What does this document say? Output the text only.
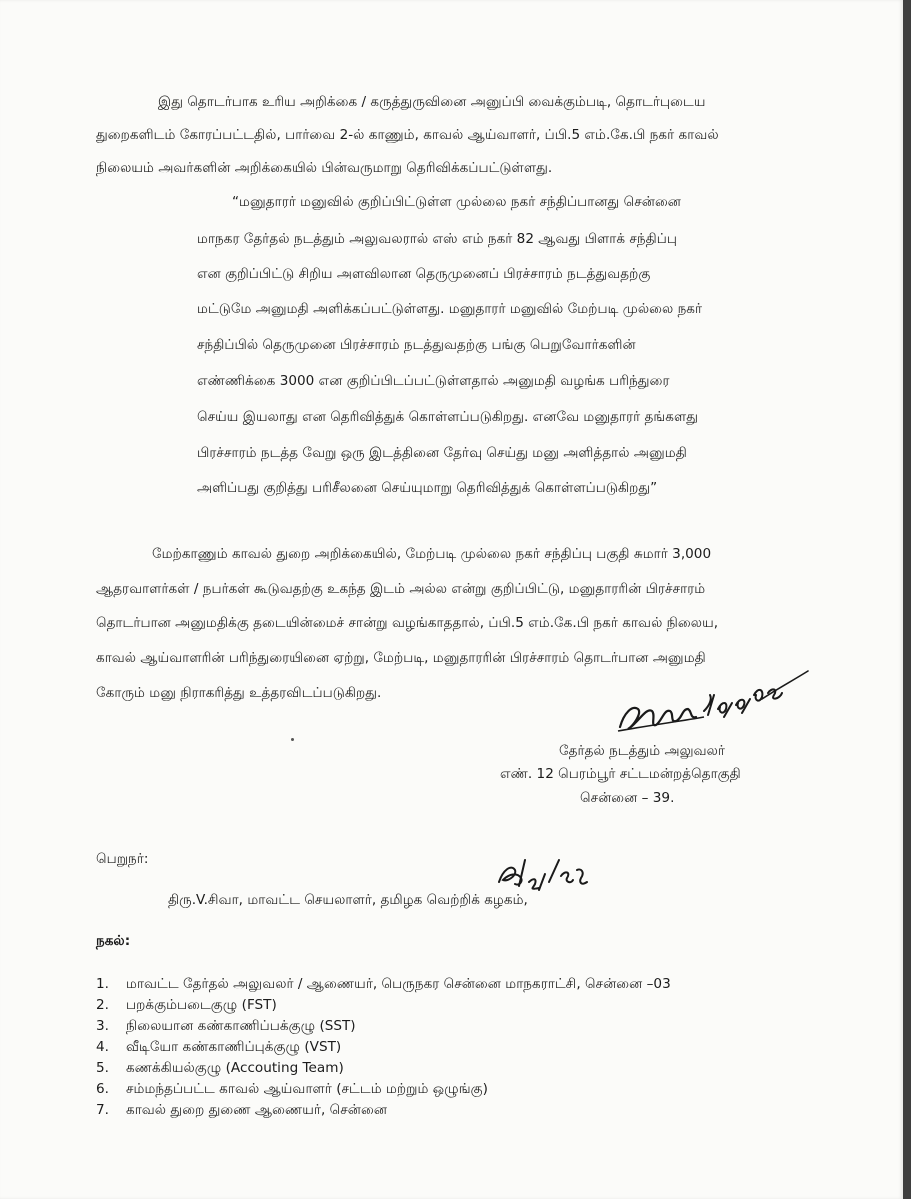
இது தொடர்பாக உரிய அறிக்கை / கருத்துருவினை அனுப்பி வைக்கும்படி, தொடர்புடைய
துறைகளிடம் கோரப்பட்டதில், பார்வை 2-ல் காணும், காவல் ஆய்வாளர், ப்பி.5 எம்.கே.பி நகர் காவல்
நிலையம் அவர்களின் அறிக்கையில் பின்வருமாறு தெரிவிக்கப்பட்டுள்ளது.
“மனுதாரர் மனுவில் குறிப்பிட்டுள்ள முல்லை நகர் சந்திப்பானது சென்னை
மாநகர தேர்தல் நடத்தும் அலுவலரால் எஸ் எம் நகர் 82 ஆவது பிளாக் சந்திப்பு
என குறிப்பிட்டு சிறிய அளவிலான தெருமுனைப் பிரச்சாரம் நடத்துவதற்கு
மட்டுமே அனுமதி அளிக்கப்பட்டுள்ளது. மனுதாரர் மனுவில் மேற்படி முல்லை நகர்
சந்திப்பில் தெருமுனை பிரச்சாரம் நடத்துவதற்கு பங்கு பெறுவோர்களின்
எண்ணிக்கை 3000 என குறிப்பிடப்பட்டுள்ளதால் அனுமதி வழங்க பரிந்துரை
செய்ய இயலாது என தெரிவித்துக் கொள்ளப்படுகிறது. எனவே மனுதாரர் தங்களது
பிரச்சாரம் நடத்த வேறு ஒரு இடத்தினை தேர்வு செய்து மனு அளித்தால் அனுமதி
அளிப்பது குறித்து பரிசீலனை செய்யுமாறு தெரிவித்துக் கொள்ளப்படுகிறது”
மேற்காணும் காவல் துறை அறிக்கையில், மேற்படி முல்லை நகர் சந்திப்பு பகுதி சுமார் 3,000
ஆதரவாளர்கள் / நபர்கள் கூடுவதற்கு உகந்த இடம் அல்ல என்று குறிப்பிட்டு, மனுதாரரின் பிரச்சாரம்
தொடர்பான அனுமதிக்கு தடையின்மைச் சான்று வழங்காததால், ப்பி.5 எம்.கே.பி நகர் காவல் நிலைய,
காவல் ஆய்வாளரின் பரிந்துரையினை ஏற்று, மேற்படி, மனுதாரரின் பிரச்சாரம் தொடர்பான அனுமதி
கோரும் மனு நிராகரித்து உத்தரவிடப்படுகிறது.
தேர்தல் நடத்தும் அலுவலர்
எண். 12 பெரம்பூர் சட்டமன்றத்தொகுதி
சென்னை – 39.
பெறுநர்:
திரு.V.சிவா, மாவட்ட செயலாளர், தமிழக வெற்றிக் கழகம்,
நகல்:
1. மாவட்ட தேர்தல் அலுவலர் / ஆணையர், பெருநகர சென்னை மாநகராட்சி, சென்னை –03
2. பறக்கும்படைகுழு (FST)
3. நிலையான கண்காணிப்பக்குழு (SST)
4. வீடியோ கண்காணிப்புக்குழு (VST)
5. கணக்கியல்குழு (Accouting Team)
6. சம்மந்தப்பட்ட காவல் ஆய்வாளர் (சட்டம் மற்றும் ஒழுங்கு)
7. காவல் துறை துணை ஆணையர், சென்னை
